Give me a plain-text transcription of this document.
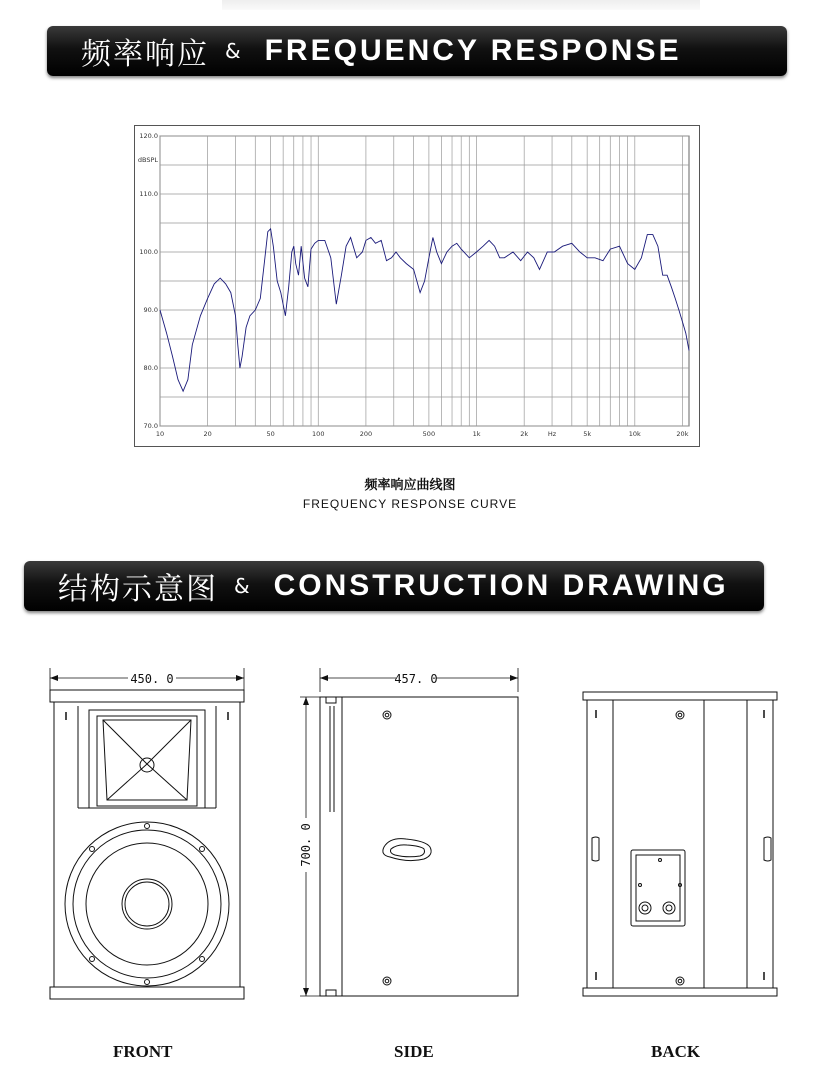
频率响应 & FREQUENCY RESPONSE
70.0
80.0
90.0
100.0
110.0
120.0
dBSPL
10	20	50	100	200	500	1k	2k	5k	10k	20k
Hz
频率响应曲线图
FREQUENCY RESPONSE CURVE
结构示意图 & CONSTRUCTION DRAWING
450. 0	457. 0
700. 0
FRONT	SIDE	BACK
